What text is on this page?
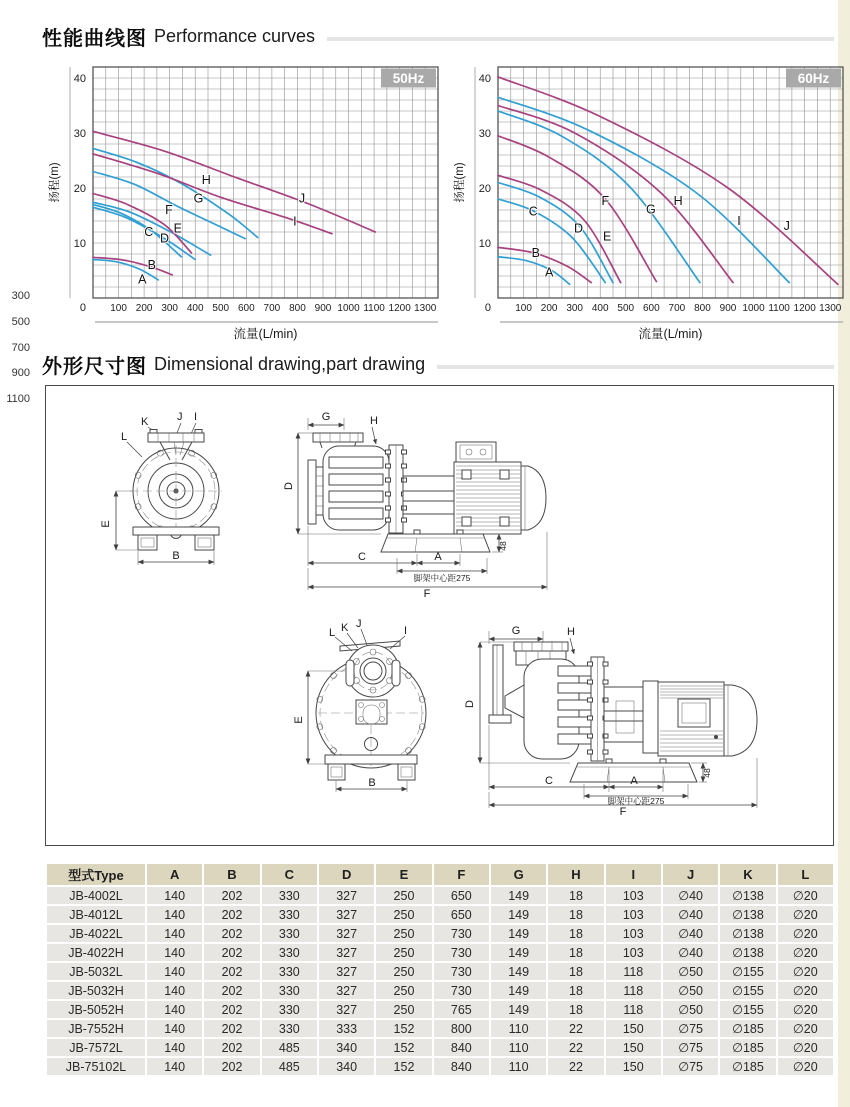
300
500
700
900
1100
性能曲线图 Performance curves
10
20
30
40
0 100 200 300 400 500 600 700 800 900 1000 1100 1200 1300
A
B
C D
E
F
G
H
I
J
50Hz
流量(L/min)
扬程(m)
10
20
30
40
0 100 200 300 400 500 600 700 800 900 1000 1100 1200 1300
A
B
C
D
E
F
G
H
I	J
60Hz
流量(L/min)
扬程(m)
外形尺寸图 Dimensional drawing,part drawing
K	J I
L
E
B
G	H
D
C	A
脚架中心距275
F
48
L K J
I
E
B
G	H
D
C	A
脚架中心距275
F
48
型式Type	A	B	C	D	E	F	G	H	I	J	K	L
JB-4002L	140	202	330	327	250	650	149	18	103	∅40	∅138	∅20
JB-4012L	140	202	330	327	250	650	149	18	103	∅40	∅138	∅20
JB-4022L	140	202	330	327	250	730	149	18	103	∅40	∅138	∅20
JB-4022H	140	202	330	327	250	730	149	18	103	∅40	∅138	∅20
JB-5032L	140	202	330	327	250	730	149	18	118	∅50	∅155	∅20
JB-5032H	140	202	330	327	250	730	149	18	118	∅50	∅155	∅20
JB-5052H	140	202	330	327	250	765	149	18	118	∅50	∅155	∅20
JB-7552H	140	202	330	333	152	800	110	22	150	∅75	∅185	∅20
JB-7572L	140	202	485	340	152	840	110	22	150	∅75	∅185	∅20
JB-75102L	140	202	485	340	152	840	110	22	150	∅75	∅185	∅20
